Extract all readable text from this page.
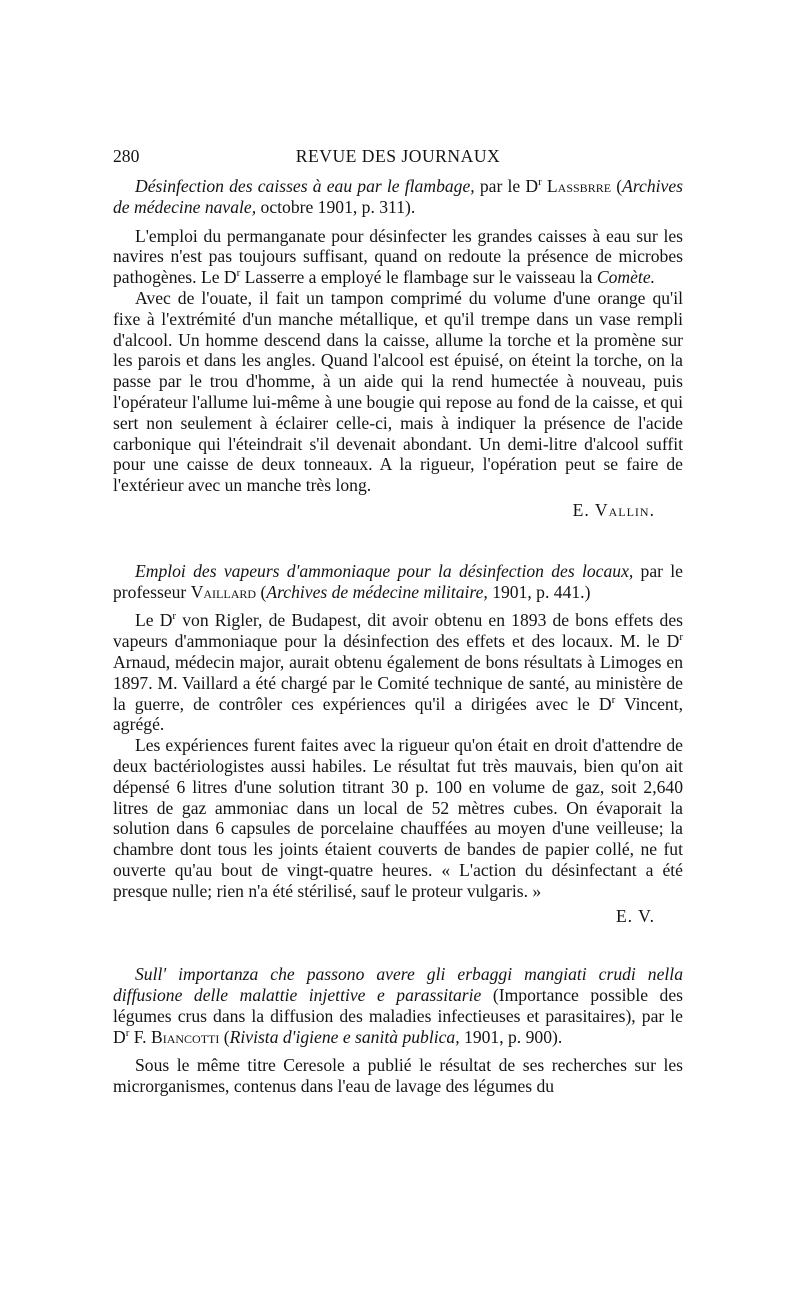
280	REVUE DES JOURNAUX

Désinfection des caisses à eau par le flambage, par le $D^r$ Lassbrre (Archives de médecine navale, octobre 1901, p. 311).

L'emploi du permanganate pour désinfecter les grandes caisses à eau sur les navires n'est pas toujours suffisant, quand on redoute la présence de microbes pathogènes. Le $D^r$ Lasserre a employé le flambage sur le vaisseau la Comète.

Avec de l'ouate, il fait un tampon comprimé du volume d'une orange qu'il fixe à l'extrémité d'un manche métallique, et qu'il trempe dans un vase rempli d'alcool. Un homme descend dans la caisse, allume la torche et la promène sur les parois et dans les angles. Quand l'alcool est épuisé, on éteint la torche, on la passe par le trou d'homme, à un aide qui la rend humectée à nouveau, puis l'opérateur l'allume lui-même à une bougie qui repose au fond de la caisse, et qui sert non seulement à éclairer celle-ci, mais à indiquer la présence de l'acide carbonique qui l'éteindrait s'il devenait abondant. Un demi-litre d'alcool suffit pour une caisse de deux tonneaux. A la rigueur, l'opération peut se faire de l'extérieur avec un manche très long.

E. Vallin.

Emploi des vapeurs d'ammoniaque pour la désinfection des locaux, par le professeur Vaillard (Archives de médecine militaire, 1901, p. 441.)

Le $D^r$ von Rigler, de Budapest, dit avoir obtenu en 1893 de bons effets des vapeurs d'ammoniaque pour la désinfection des effets et des locaux. M. le $D^r$ Arnaud, médecin major, aurait obtenu également de bons résultats à Limoges en 1897. M. Vaillard a été chargé par le Comité technique de santé, au ministère de la guerre, de contrôler ces expériences qu'il a dirigées avec le $D^r$ Vincent, agrégé.

Les expériences furent faites avec la rigueur qu'on était en droit d'attendre de deux bactériologistes aussi habiles. Le résultat fut très mauvais, bien qu'on ait dépensé 6 litres d'une solution titrant 30 p. 100 en volume de gaz, soit 2,640 litres de gaz ammoniac dans un local de 52 mètres cubes. On évaporait la solution dans 6 capsules de porcelaine chauffées au moyen d'une veilleuse; la chambre dont tous les joints étaient couverts de bandes de papier collé, ne fut ouverte qu'au bout de vingt-quatre heures. « L'action du désinfectant a été presque nulle; rien n'a été stérilisé, sauf le proteur vulgaris. »

E. V.

Sull' importanza che passono avere gli erbaggi mangiati crudi nella diffusione delle malattie injettive e parassitarie (Importance possible des légumes crus dans la diffusion des maladies infectieuses et parasitaires), par le $D^r$ F. Biancotti (Rivista d'igiene e sanità publica, 1901, p. 900).

Sous le même titre Ceresole a publié le résultat de ses recherches sur les microrganismes, contenus dans l'eau de lavage des légumes du
